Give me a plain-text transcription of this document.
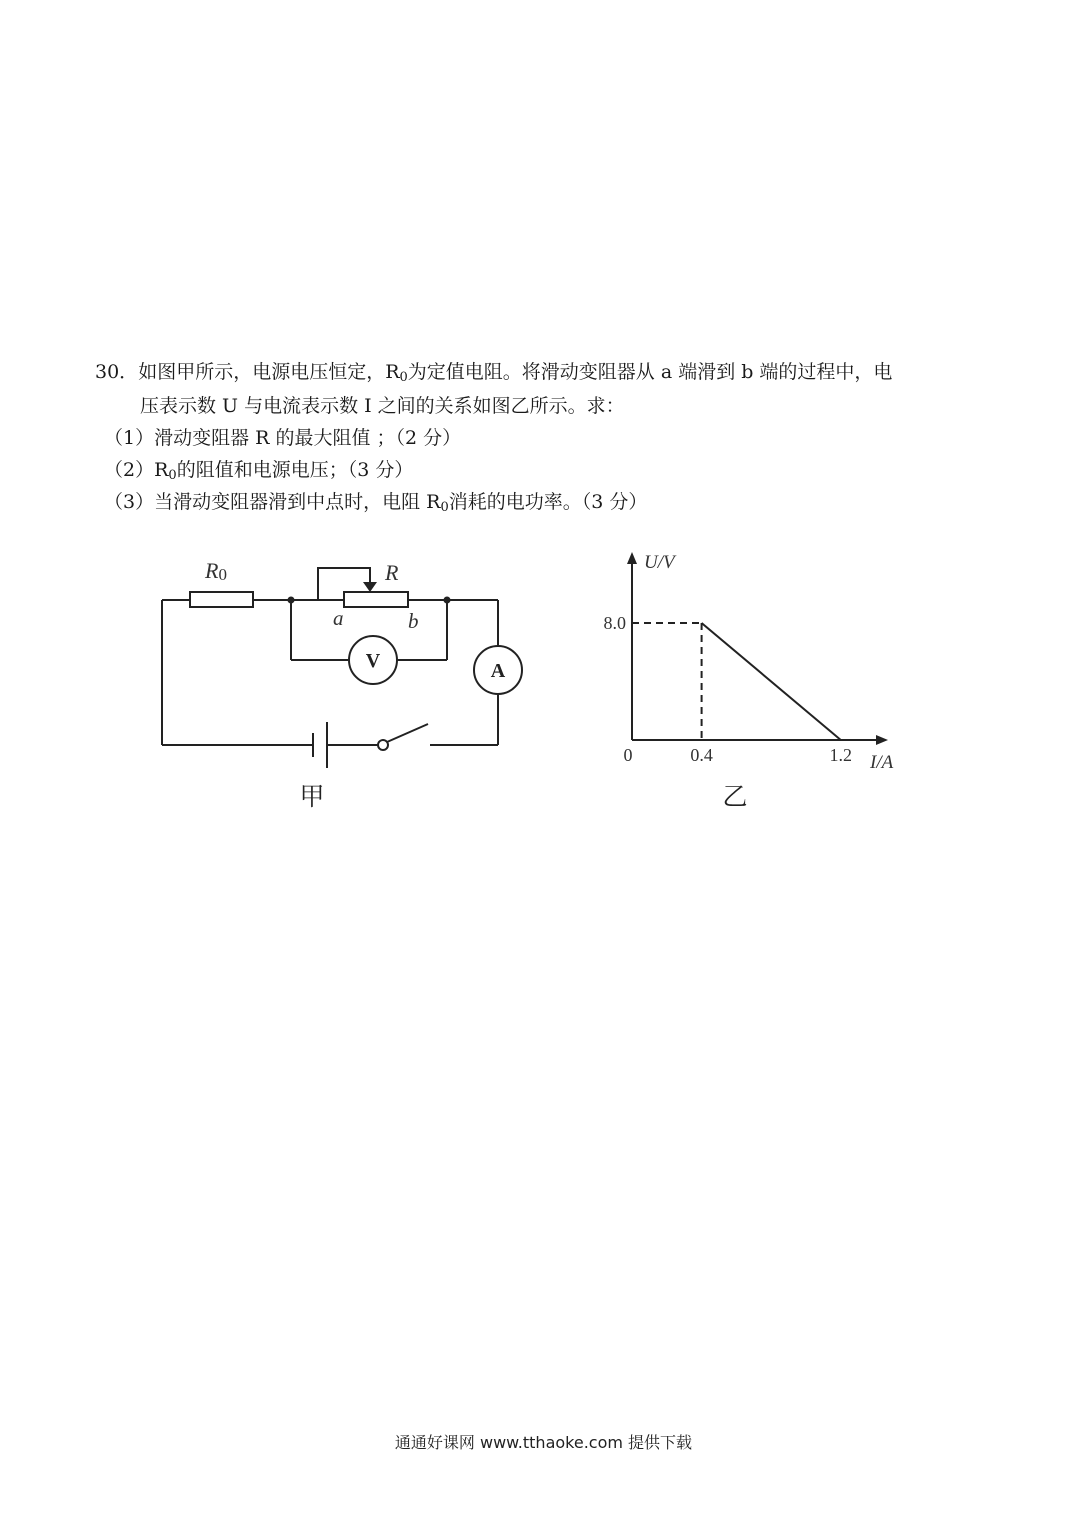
30．如图甲所示，电源电压恒定，$R_0$为定值电阻。将滑动变阻器从 a 端滑到 b 端的过程中，电
压表示数 U 与电流表示数 I 之间的关系如图乙所示。求：
（1）滑动变阻器 R 的最大阻值 ；（2 分）
$(2)R_0$的阻值和电源电压；（3 分）
（3）当滑动变阻器滑到中点时，电阻 $R_0$消耗的电功率。（3 分）
R0	R
a	b
V	A
甲
U/V
I/A
0
8.0
0.4	1.2
乙
通通好课网 www.tthaoke.com 提供下载
